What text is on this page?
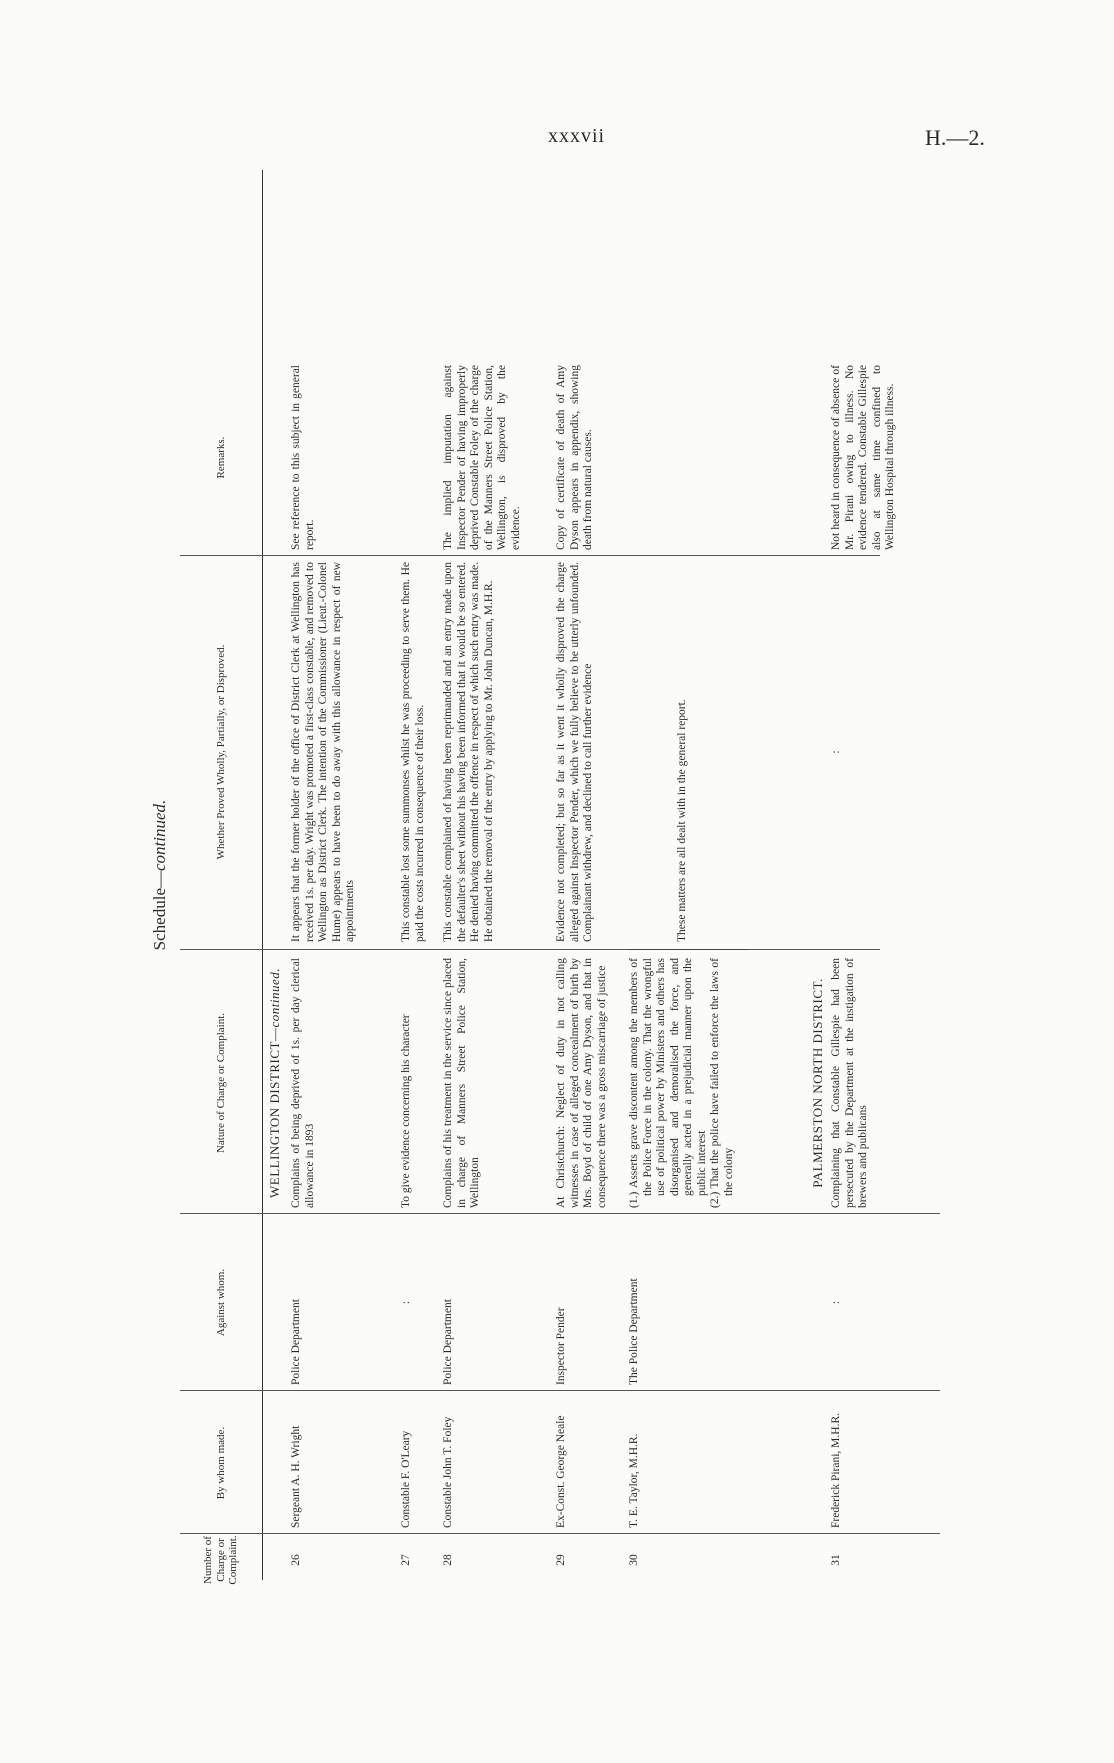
xxxvii	H.—2.
Schedule—continued.
Number of Charge or Complaint.
By whom made.
Against whom.
Nature of Charge or Complaint.
Whether Proved Wholly, Partially, or Disproved.
Remarks.
WELLINGTON DISTRICT—continued.
26
Sergeant A. H. Wright
Police Department
Complains of being deprived of 1s. per day clerical allowance in 1893
It appears that the former holder of the office of District Clerk at Wellington has received 1s. per day. Wright was promoted a first-class constable, and removed to Wellington as District Clerk. The intention of the Commissioner (Lieut.-Colonel Hume) appears to have been to do away with this allowance in respect of new appointments
See reference to this subject in general report.
27
Constable F. O'Leary
:
To give evidence concerning his character
This constable lost some summonses whilst he was proceeding to serve them. He paid the costs incurred in consequence of their loss.
28
Constable John T. Foley
Police Department
Complains of his treatment in the service since placed in charge of Manners Street Police Station, Wellington
This constable complained of having been reprimanded and an entry made upon the defaulter's sheet without his having been informed that it would be so entered. He denied having committed the offence in respect of which such entry was made. He obtained the removal of the entry by applying to Mr. John Duncan, M.H.R.
The implied imputation against Inspector Pender of having improperly deprived Constable Foley of the charge of the Manners Street Police Station, Wellington, is disproved by the evidence.
29
Ex-Const. George Neale
Inspector Pender
At Christchurch: Neglect of duty in not calling witnesses in case of alleged concealment of birth by Mrs. Boyd of child of one Amy Dyson, and that in consequence there was a gross miscarriage of justice
Evidence not completed; but so far as it went it wholly disproved the charge alleged against Inspector Pender, which we fully believe to be utterly unfounded. Complainant withdrew, and declined to call further evidence
Copy of certificate of death of Amy Dyson appears in appendix, showing death from natural causes.
30
T. E. Taylor, M.H.R.
The Police Department
(1.) Asserts grave discontent among the members of the Police Force in the colony. That the wrongful use of political power by Ministers and others has disorganised and demoralised the force, and generally acted in a prejudicial manner upon the public interest (2.) That the police have failed to enforce the laws of the colony
These matters are all dealt with in the general report.
PALMERSTON NORTH DISTRICT.
31
Frederick Pirani, M.H.R.
:
Complaining that Constable Gillespie had been persecuted by the Department at the instigation of brewers and publicans
:
Not heard in consequence of absence of Mr. Pirani owing to illness. No evidence tendered. Constable Gillespie also at same time confined to Wellington Hospital through illness.
